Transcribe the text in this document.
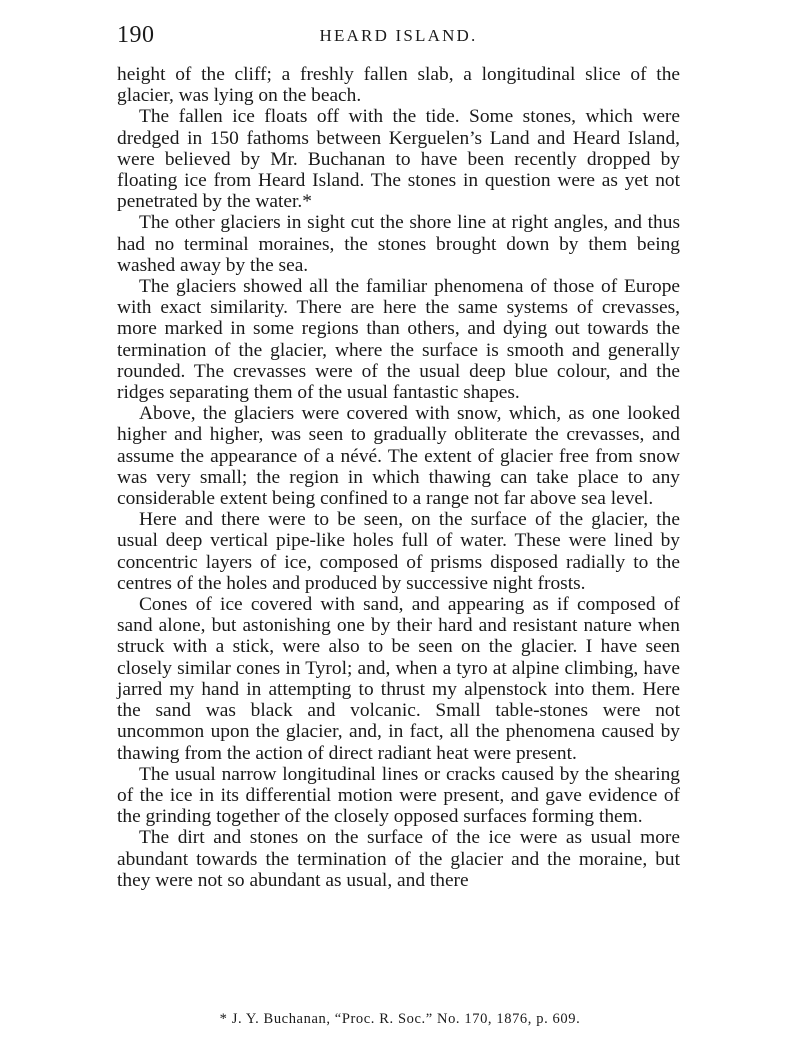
190	HEARD ISLAND.

height of the cliff; a freshly fallen slab, a longitudinal slice of the glacier, was lying on the beach.

The fallen ice floats off with the tide. Some stones, which were dredged in 150 fathoms between Kerguelen’s Land and Heard Island, were believed by Mr. Buchanan to have been recently dropped by floating ice from Heard Island. The stones in question were as yet not penetrated by the water.*

The other glaciers in sight cut the shore line at right angles, and thus had no terminal moraines, the stones brought down by them being washed away by the sea.

The glaciers showed all the familiar phenomena of those of Europe with exact similarity. There are here the same systems of crevasses, more marked in some regions than others, and dying out towards the termination of the glacier, where the surface is smooth and generally rounded. The crevasses were of the usual deep blue colour, and the ridges separating them of the usual fantastic shapes.

Above, the glaciers were covered with snow, which, as one looked higher and higher, was seen to gradually obliterate the crevasses, and assume the appearance of a névé. The extent of glacier free from snow was very small; the region in which thawing can take place to any considerable extent being confined to a range not far above sea level.

Here and there were to be seen, on the surface of the glacier, the usual deep vertical pipe-like holes full of water. These were lined by concentric layers of ice, composed of prisms disposed radially to the centres of the holes and produced by successive night frosts.

Cones of ice covered with sand, and appearing as if composed of sand alone, but astonishing one by their hard and resistant nature when struck with a stick, were also to be seen on the glacier. I have seen closely similar cones in Tyrol; and, when a tyro at alpine climbing, have jarred my hand in attempting to thrust my alpenstock into them. Here the sand was black and volcanic. Small table-stones were not uncommon upon the glacier, and, in fact, all the phenomena caused by thawing from the action of direct radiant heat were present.

The usual narrow longitudinal lines or cracks caused by the shearing of the ice in its differential motion were present, and gave evidence of the grinding together of the closely opposed surfaces forming them.

The dirt and stones on the surface of the ice were as usual more abundant towards the termination of the glacier and the moraine, but they were not so abundant as usual, and there

* J. Y. Buchanan, “Proc. R. Soc.” No. 170, 1876, p. 609.
